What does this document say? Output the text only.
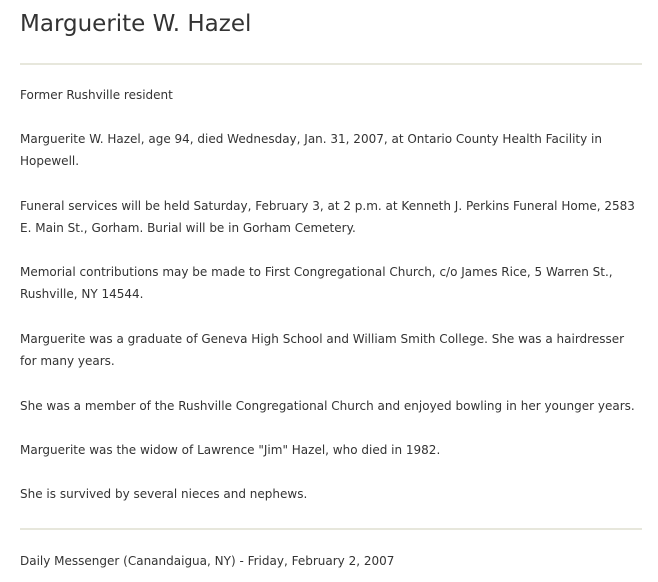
Marguerite W. Hazel

Former Rushville resident

Marguerite W. Hazel, age 94, died Wednesday, Jan. 31, 2007, at Ontario County Health Facility in Hopewell.

Funeral services will be held Saturday, February 3, at 2 p.m. at Kenneth J. Perkins Funeral Home, 2583 E. Main St., Gorham. Burial will be in Gorham Cemetery.

Memorial contributions may be made to First Congregational Church, c/o James Rice, 5 Warren St., Rushville, NY 14544.

Marguerite was a graduate of Geneva High School and William Smith College. She was a hairdresser for many years.

She was a member of the Rushville Congregational Church and enjoyed bowling in her younger years.

Marguerite was the widow of Lawrence "Jim" Hazel, who died in 1982.

She is survived by several nieces and nephews.

Daily Messenger (Canandaigua, NY) - Friday, February 2, 2007
